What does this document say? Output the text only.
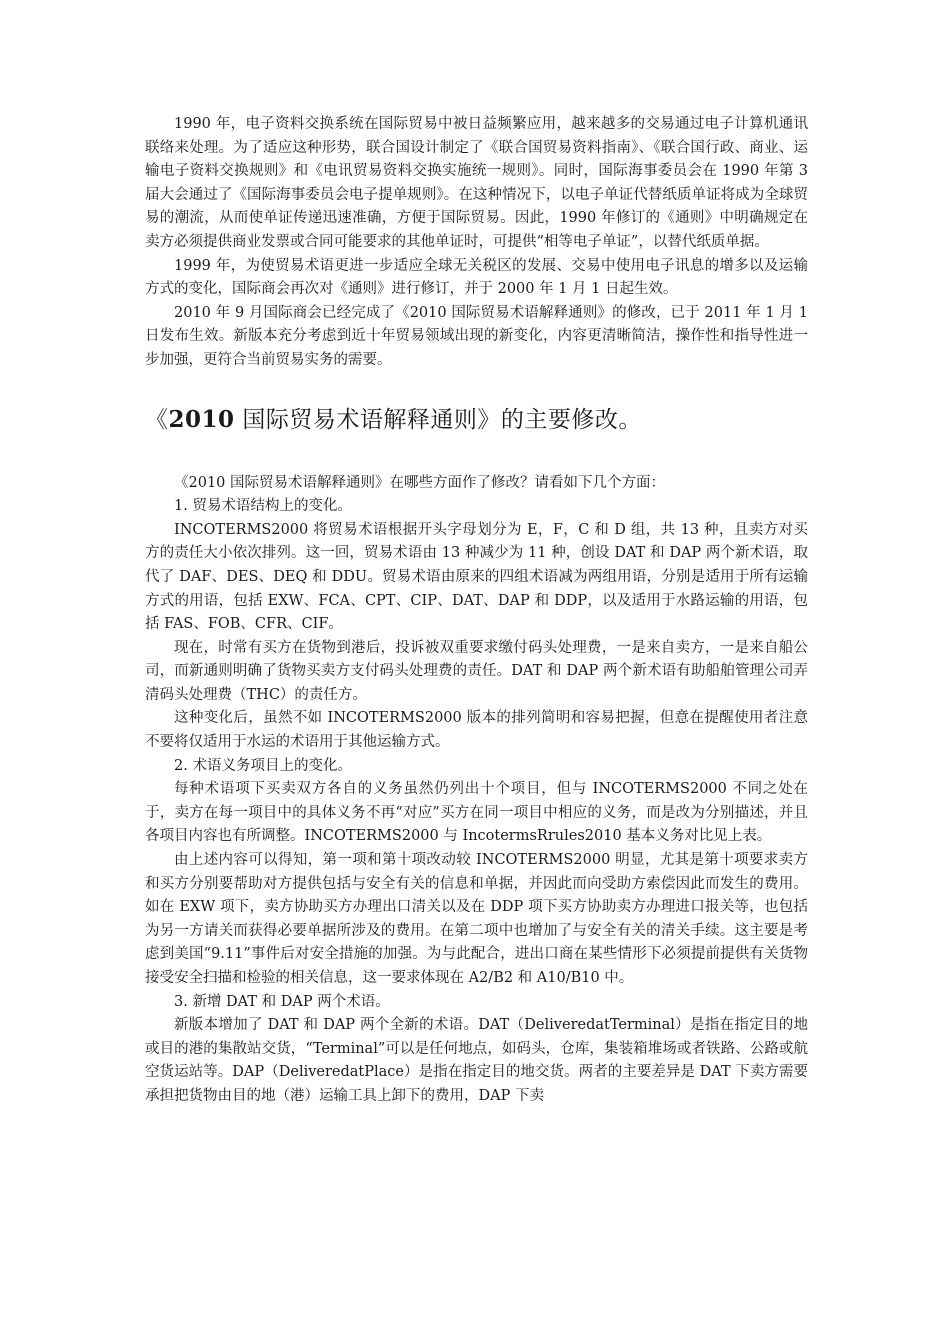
1990 年，电子资料交换系统在国际贸易中被日益频繁应用，越来越多的交易通过电子计算机通讯联络来处理。为了适应这种形势，联合国设计制定了《联合国贸易资料指南》、《联合国行政、商业、运输电子资料交换规则》和《电讯贸易资料交换实施统一规则》。同时，国际海事委员会在 1990 年第 3 届大会通过了《国际海事委员会电子提单规则》。在这种情况下，以电子单证代替纸质单证将成为全球贸易的潮流，从而使单证传递迅速准确，方便于国际贸易。因此，1990 年修订的《通则》中明确规定在卖方必须提供商业发票或合同可能要求的其他单证时，可提供“相等电子单证”，以替代纸质单据。

1999 年，为使贸易术语更进一步适应全球无关税区的发展、交易中使用电子讯息的增多以及运输方式的变化，国际商会再次对《通则》进行修订，并于 2000 年 1 月 1 日起生效。

2010 年 9 月国际商会已经完成了《2010 国际贸易术语解释通则》的修改，已于 2011 年 1 月 1 日发布生效。新版本充分考虑到近十年贸易领域出现的新变化，内容更清晰简洁，操作性和指导性进一步加强，更符合当前贸易实务的需要。

《2010 国际贸易术语解释通则》的主要修改。

《2010 国际贸易术语解释通则》在哪些方面作了修改？请看如下几个方面：

1. 贸易术语结构上的变化。

INCOTERMS2000 将贸易术语根据开头字母划分为 E，F，C 和 D 组，共 13 种，且卖方对买方的责任大小依次排列。这一回，贸易术语由 13 种减少为 11 种，创设 DAT 和 DAP 两个新术语，取代了 DAF、DES、DEQ 和 DDU。贸易术语由原来的四组术语减为两组用语，分别是适用于所有运输方式的用语，包括 EXW、FCA、CPT、CIP、DAT、DAP 和 DDP，以及适用于水路运输的用语，包括 FAS、FOB、CFR、CIF。

现在，时常有买方在货物到港后，投诉被双重要求缴付码头处理费，一是来自卖方，一是来自船公司，而新通则明确了货物买卖方支付码头处理费的责任。DAT 和 DAP 两个新术语有助船舶管理公司弄清码头处理费（THC）的责任方。

这种变化后，虽然不如 INCOTERMS2000 版本的排列简明和容易把握，但意在提醒使用者注意不要将仅适用于水运的术语用于其他运输方式。

2. 术语义务项目上的变化。

每种术语项下买卖双方各自的义务虽然仍列出十个项目，但与 INCOTERMS2000 不同之处在于，卖方在每一项目中的具体义务不再“对应”买方在同一项目中相应的义务，而是改为分别描述，并且各项目内容也有所调整。INCOTERMS2000 与 IncotermsRrules2010 基本义务对比见上表。

由上述内容可以得知，第一项和第十项改动较 INCOTERMS2000 明显，尤其是第十项要求卖方和买方分别要帮助对方提供包括与安全有关的信息和单据，并因此而向受助方索偿因此而发生的费用。如在 EXW 项下，卖方协助买方办理出口清关以及在 DDP 项下买方协助卖方办理进口报关等，也包括为另一方请关而获得必要单据所涉及的费用。在第二项中也增加了与安全有关的清关手续。这主要是考虑到美国“9.11”事件后对安全措施的加强。为与此配合，进出口商在某些情形下必须提前提供有关货物接受安全扫描和检验的相关信息，这一要求体现在 A2/B2 和 A10/B10 中。

3. 新增 DAT 和 DAP 两个术语。

新版本增加了 DAT 和 DAP 两个全新的术语。DAT（DeliveredatTerminal）是指在指定目的地或目的港的集散站交货，“Terminal”可以是任何地点，如码头，仓库，集装箱堆场或者铁路、公路或航空货运站等。DAP（DeliveredatPlace）是指在指定目的地交货。两者的主要差异是 DAT 下卖方需要承担把货物由目的地（港）运输工具上卸下的费用，DAP 下卖
